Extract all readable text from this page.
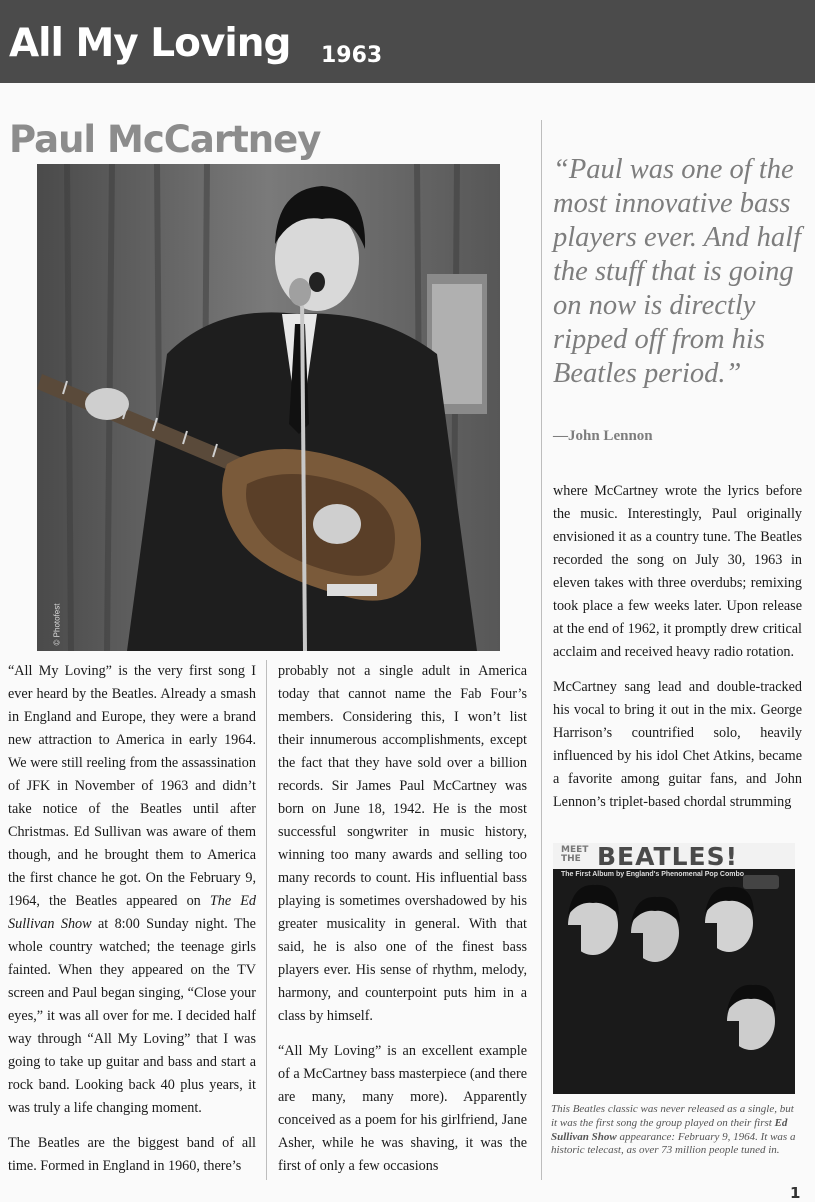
All My Loving 1963
Paul McCartney
© Photofest
“Paul was one of the most innovative bass players ever. And half the stuff that is going on now is directly ripped off from his Beatles period.”
—John Lennon

“All My Loving” is the very first song I ever heard by the Beatles. Already a smash in England and Europe, they were a brand new attraction to America in early 1964. We were still reeling from the assassination of JFK in November of 1963 and didn’t take notice of the Beatles until after Christmas. Ed Sullivan was aware of them though, and he brought them to America the first chance he got. On the February 9, 1964, the Beatles appeared on The Ed Sullivan Show at 8:00 Sunday night. The whole country watched; the teenage girls fainted. When they appeared on the TV screen and Paul began singing, “Close your eyes,” it was all over for me. I decided half way through “All My Loving” that I was going to take up guitar and bass and start a rock band. Looking back 40 plus years, it was truly a life changing moment.

The Beatles are the biggest band of all time. Formed in England in 1960, there’s

probably not a single adult in America today that cannot name the Fab Four’s members. Considering this, I won’t list their innumerous accomplishments, except the fact that they have sold over a billion records. Sir James Paul McCartney was born on June 18, 1942. He is the most successful songwriter in music history, winning too many awards and selling too many records to count. His influential bass playing is sometimes overshadowed by his greater musicality in general. With that said, he is also one of the finest bass players ever. His sense of rhythm, melody, harmony, and counterpoint puts him in a class by himself.

“All My Loving” is an excellent example of a McCartney bass masterpiece (and there are many, many more). Apparently conceived as a poem for his girlfriend, Jane Asher, while he was shaving, it was the first of only a few occasions

where McCartney wrote the lyrics before the music. Interestingly, Paul originally envisioned it as a country tune. The Beatles recorded the song on July 30, 1963 in eleven takes with three overdubs; remixing took place a few weeks later. Upon release at the end of 1962, it promptly drew critical acclaim and received heavy radio rotation.

McCartney sang lead and double-tracked his vocal to bring it out in the mix. George Harrison’s countrified solo, heavily influenced by his idol Chet Atkins, became a favorite among guitar fans, and John Lennon’s triplet-based chordal strumming

MEET
THE BEATLES!
The First Album by England's Phenomenal Pop Combo
This Beatles classic was never released as a single, but it was the first song the group played on their first Ed Sullivan Show appearance: February 9, 1964. It was a historic telecast, as over 73 million people tuned in.
1
